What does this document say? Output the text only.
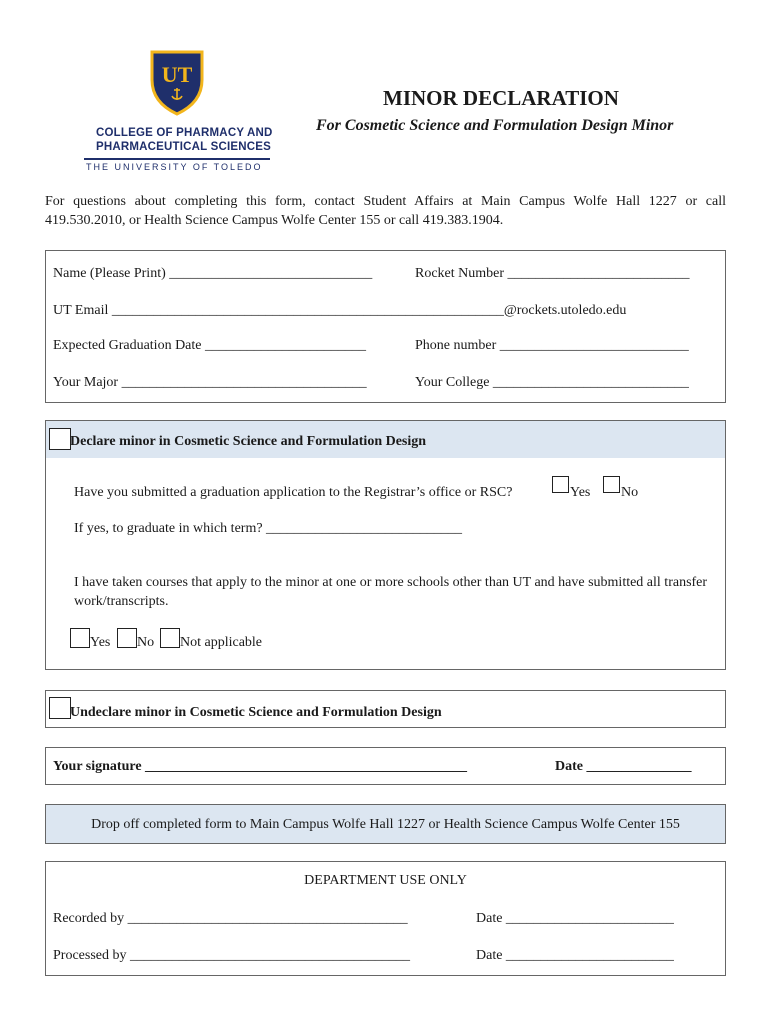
UT
COLLEGE OF PHARMACY AND
PHARMACEUTICAL SCIENCES
THE UNIVERSITY OF TOLEDO
MINOR DECLARATION
For Cosmetic Science and Formulation Design Minor
For questions about completing this form, contact Student Affairs at Main Campus Wolfe Hall 1227 or call 419.530.2010, or Health Science Campus Wolfe Center 155 or call 419.383.1904.
Name (Please Print) _____________________________	Rocket Number __________________________
UT Email ________________________________________________________@rockets.utoledo.edu
Expected Graduation Date _______________________	Phone number ___________________________
Your Major ___________________________________	Your College ____________________________
Declare minor in Cosmetic Science and Formulation Design
Have you submitted a graduation application to the Registrar’s office or RSC?	Yes No
If yes, to graduate in which term? ____________________________
I have taken courses that apply to the minor at one or more schools other than UT and have submitted all transfer work/transcripts.
Yes No Not applicable
Undeclare minor in Cosmetic Science and Formulation Design
Your signature ______________________________________________	Date _______________
Drop off completed form to Main Campus Wolfe Hall 1227 or Health Science Campus Wolfe Center 155
DEPARTMENT USE ONLY
Recorded by ________________________________________	Date ________________________
Processed by ________________________________________	Date ________________________
